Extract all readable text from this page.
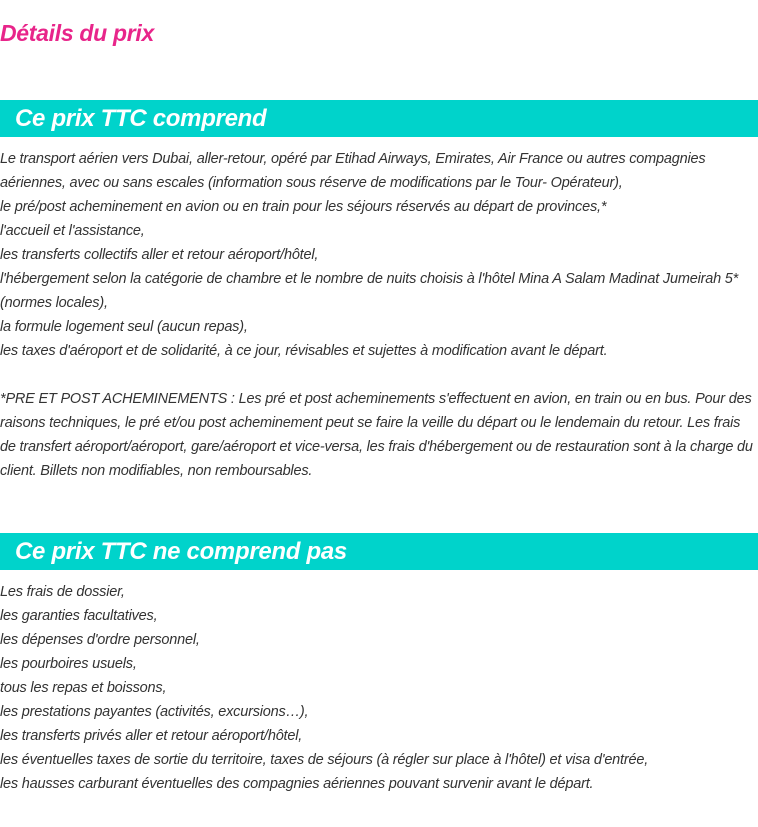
Détails du prix
Ce prix TTC comprend

Le transport aérien vers Dubai, aller-retour, opéré par Etihad Airways, Emirates, Air France ou autres compagnies aériennes, avec ou sans escales (information sous réserve de modifications par le Tour- Opérateur),

le pré/post acheminement en avion ou en train pour les séjours réservés au départ de provinces,*

l'accueil et l'assistance,

les transferts collectifs aller et retour aéroport/hôtel,

l'hébergement selon la catégorie de chambre et le nombre de nuits choisis à l'hôtel Mina A Salam Madinat Jumeirah 5* (normes locales),

la formule logement seul (aucun repas),

les taxes d'aéroport et de solidarité, à ce jour, révisables et sujettes à modification avant le départ.

*PRE ET POST ACHEMINEMENTS : Les pré et post acheminements s'effectuent en avion, en train ou en bus. Pour des raisons techniques, le pré et/ou post acheminement peut se faire la veille du départ ou le lendemain du retour. Les frais de transfert aéroport/aéroport, gare/aéroport et vice-versa, les frais d'hébergement ou de restauration sont à la charge du client. Billets non modifiables, non remboursables.

Ce prix TTC ne comprend pas

Les frais de dossier,

les garanties facultatives,

les dépenses d'ordre personnel,

les pourboires usuels,

tous les repas et boissons,

les prestations payantes (activités, excursions…),

les transferts privés aller et retour aéroport/hôtel,

les éventuelles taxes de sortie du territoire, taxes de séjours (à régler sur place à l'hôtel) et visa d'entrée,

les hausses carburant éventuelles des compagnies aériennes pouvant survenir avant le départ.
